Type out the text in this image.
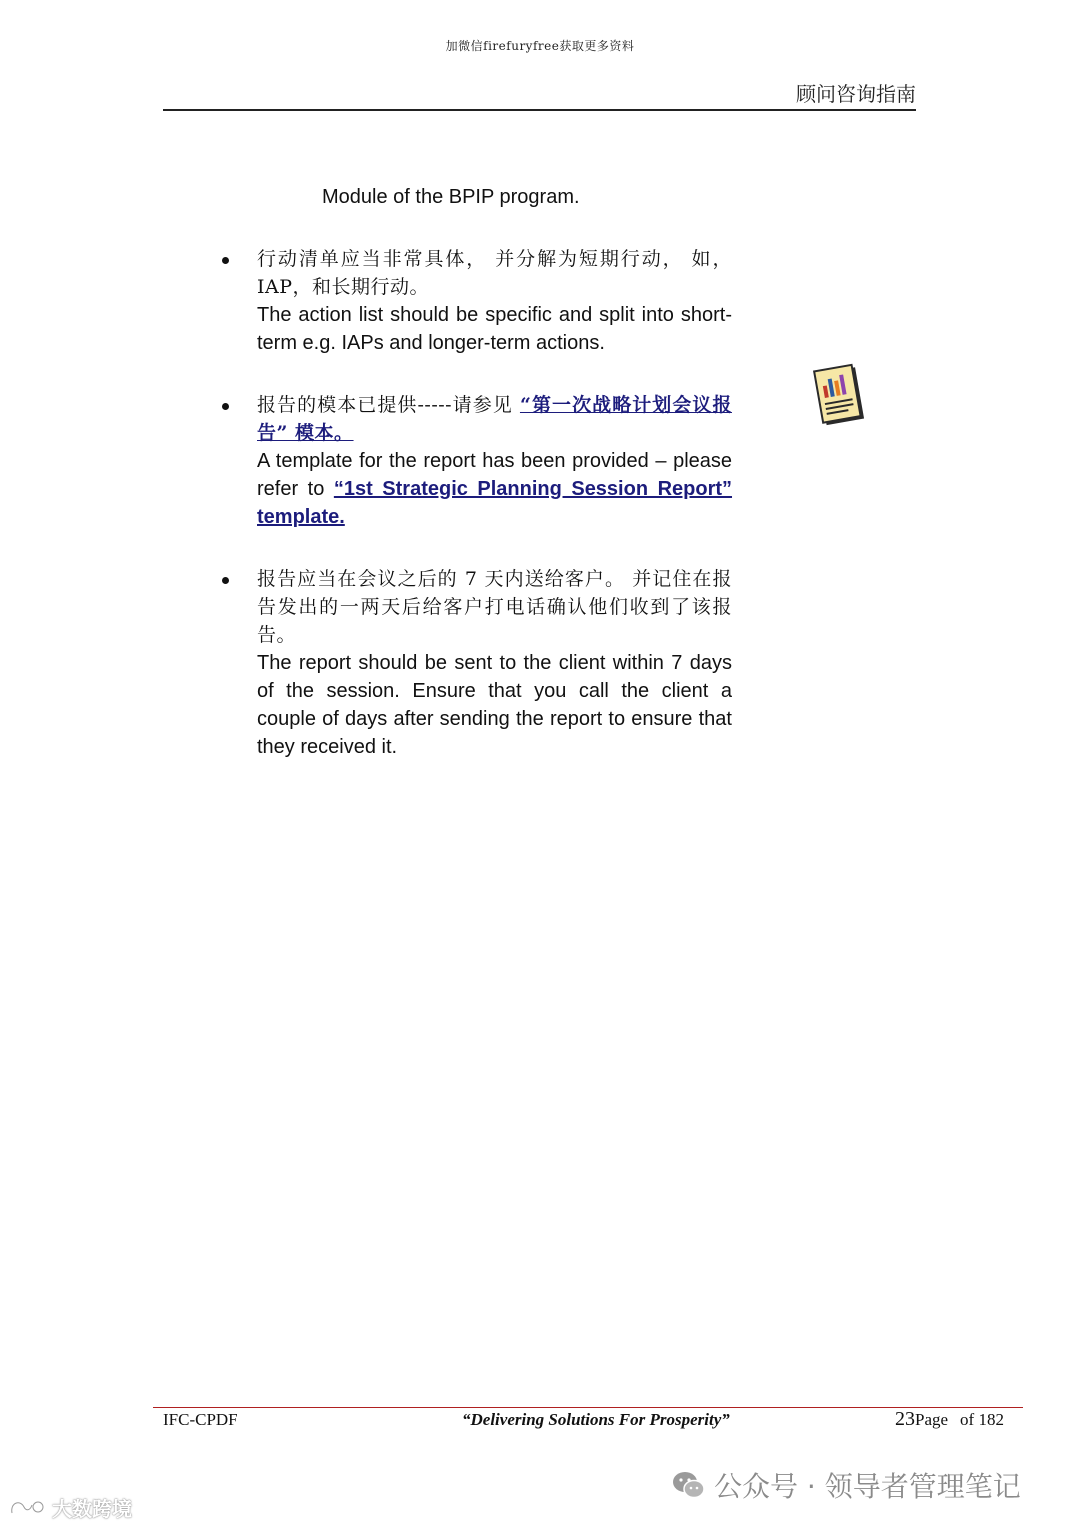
加微信firefuryfree获取更多资料
顾问咨询指南

Module of the BPIP program.

行动清单应当非常具体， 并分解为短期行动， 如，IAP，和长期行动。

The action list should be specific and split into short-term e.g. IAPs and longer-term actions.

报告的模本已提供-----请参见 “第一次战略计划会议报告” 模本。

A template for the report has been provided – please refer to “1st Strategic Planning Session Report” template.

报告应当在会议之后的 7 天内送给客户。 并记住在报告发出的一两天后给客户打电话确认他们收到了该报告。

The report should be sent to the client within 7 days of the session. Ensure that you call the client a couple of days after sending the report to ensure that they received it.

IFC-CPDF	“Delivering Solutions For Prosperity”	23Page of 182
公众号 · 领导者管理笔记
大数跨境
